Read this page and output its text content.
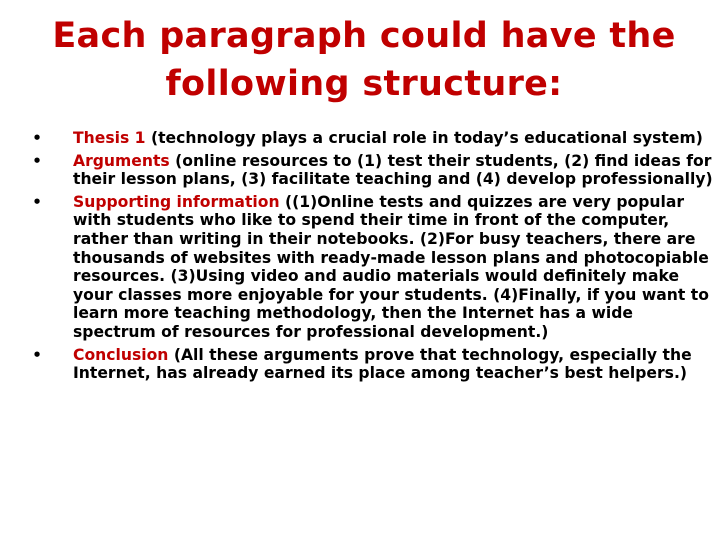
Each paragraph could have the following structure:
• Thesis 1 (technology plays a crucial role in today’s educational system)
• Arguments (online resources to (1) test their students, (2) find ideas for their lesson plans, (3) facilitate teaching and (4) develop professionally)
• Supporting information ((1)Online tests and quizzes are very popular with students who like to spend their time in front of the computer, rather than writing in their notebooks. (2)For busy teachers, there are thousands of websites with ready-made lesson plans and photocopiable resources. (3)Using video and audio materials would definitely make your classes more enjoyable for your students. (4)Finally, if you want to learn more teaching methodology, then the Internet has a wide spectrum of resources for professional development.)
• Conclusion (All these arguments prove that technology, especially the Internet, has already earned its place among teacher’s best helpers.)
